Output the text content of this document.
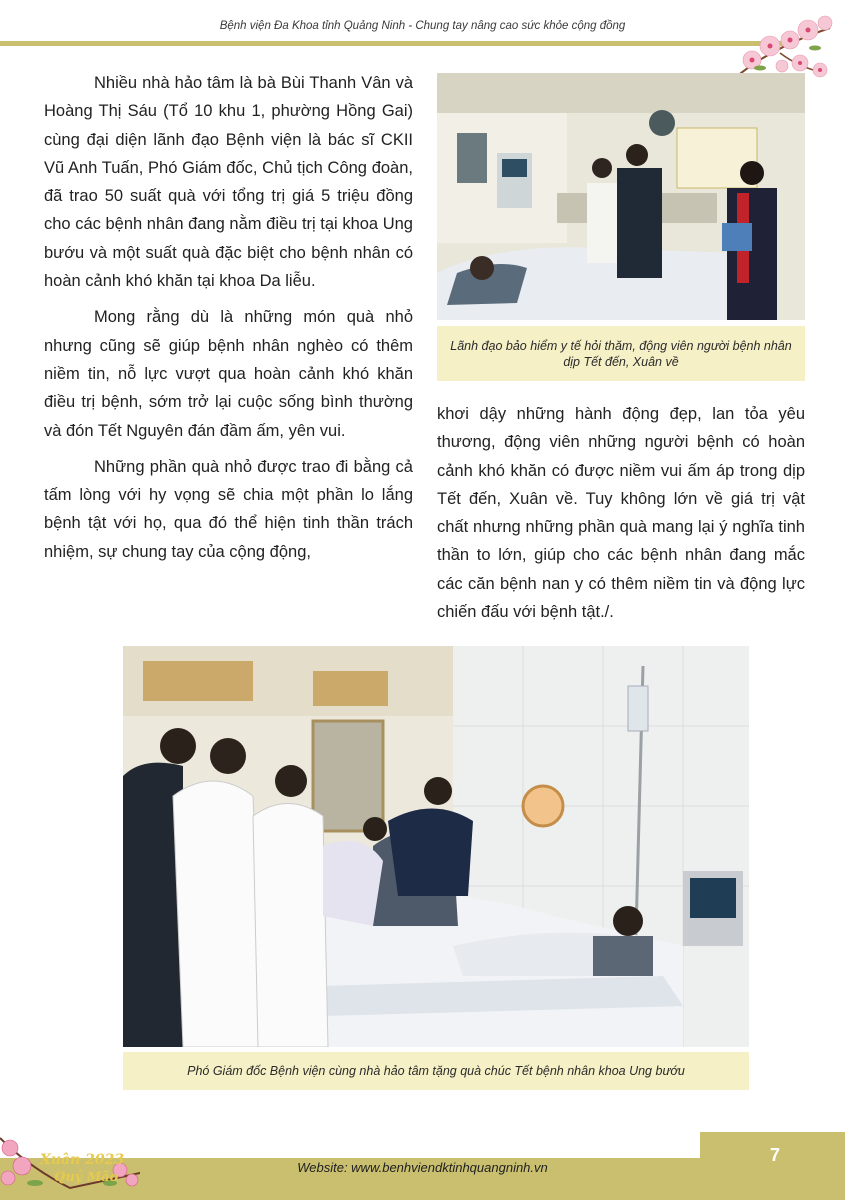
Bệnh viện Đa Khoa tỉnh Quảng Ninh - Chung tay nâng cao sức khỏe cộng đồng

Nhiều nhà hảo tâm là bà Bùi Thanh Vân và Hoàng Thị Sáu (Tổ 10 khu 1, phường Hồng Gai) cùng đại diện lãnh đạo Bệnh viện là bác sĩ CKII Vũ Anh Tuấn, Phó Giám đốc, Chủ tịch Công đoàn, đã trao 50 suất quà với tổng trị giá 5 triệu đồng cho các bệnh nhân đang nằm điều trị tại khoa Ung bướu và một suất quà đặc biệt cho bệnh nhân có hoàn cảnh khó khăn tại khoa Da liễu.

Mong rằng dù là những món quà nhỏ nhưng cũng sẽ giúp bệnh nhân nghèo có thêm niềm tin, nỗ lực vượt qua hoàn cảnh khó khăn điều trị bệnh, sớm trở lại cuộc sống bình thường và đón Tết Nguyên đán đầm ấm, yên vui.

Những phần quà nhỏ được trao đi bằng cả tấm lòng với hy vọng sẽ chia một phần lo lắng bệnh tật với họ, qua đó thể hiện tinh thần trách nhiệm, sự chung tay của cộng động,

Lãnh đạo bảo hiểm y tế hỏi thăm, động viên người bệnh nhân dịp Tết đến, Xuân về

khơi dậy những hành động đẹp, lan tỏa yêu thương, động viên những người bệnh có hoàn cảnh khó khăn có được niềm vui ấm áp trong dịp Tết đến, Xuân về. Tuy không lớn về giá trị vật chất nhưng những phần quà mang lại ý nghĩa tinh thần to lớn, giúp cho các bệnh nhân đang mắc các căn bệnh nan y có thêm niềm tin và động lực chiến đấu với bệnh tật./.

Phó Giám đốc Bệnh viện cùng nhà hảo tâm tặng quà chúc Tết bệnh nhân khoa Ung bướu
Xuân 2023
Quý Mão
Website: www.benhviendktinhquangninh.vn
7
